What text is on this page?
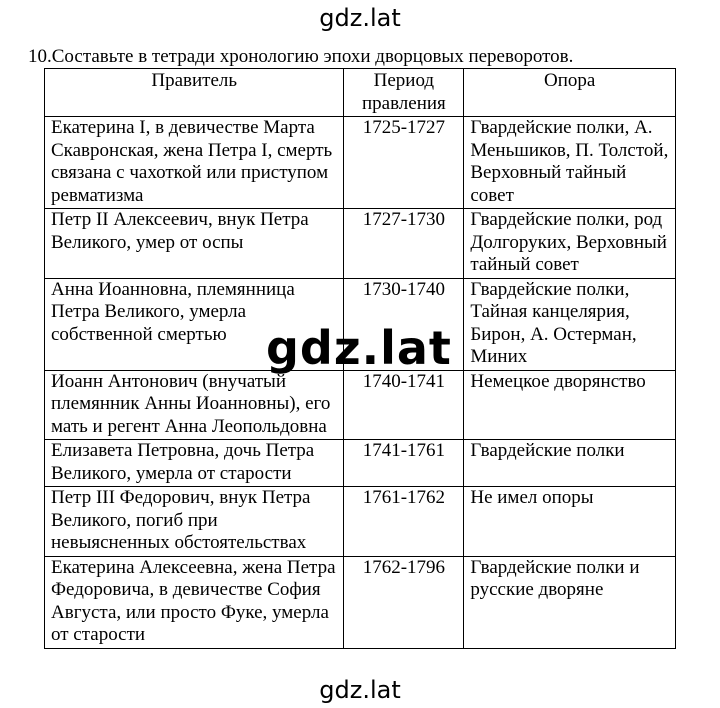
gdz.lat
10.Составьте в тетради хронологию эпохи дворцовых переворотов.
Правитель	Период правления	Опора
Екатерина I, в девичестве Марта Скавронская, жена Петра I, смерть связана с чахоткой или приступом ревматизма	1725-1727	Гвардейские полки, А. Меньшиков, П. Толстой, Верховный тайный совет
Петр II Алексеевич, внук Петра Великого, умер от оспы	1727-1730	Гвардейские полки, род Долгоруких, Верховный тайный совет
Анна Иоанновна, племянница Петра Великого, умерла собственной смертью	1730-1740	Гвардейские полки, Тайная канцелярия, Бирон, А. Остерман, Миних
Иоанн Антонович (внучатый племянник Анны Иоанновны), его мать и регент Анна Леопольдовна	1740-1741	Немецкое дворянство
Елизавета Петровна, дочь Петра Великого, умерла от старости	1741-1761	Гвардейские полки
Петр III Федорович, внук Петра Великого, погиб при невыясненных обстоятельствах	1761-1762	Не имел опоры
Екатерина Алексеевна, жена Петра Федоровича, в девичестве София Августа, или просто Фуке, умерла от старости	1762-1796	Гвардейские полки и русские дворяне
gdz.lat
gdz.lat
